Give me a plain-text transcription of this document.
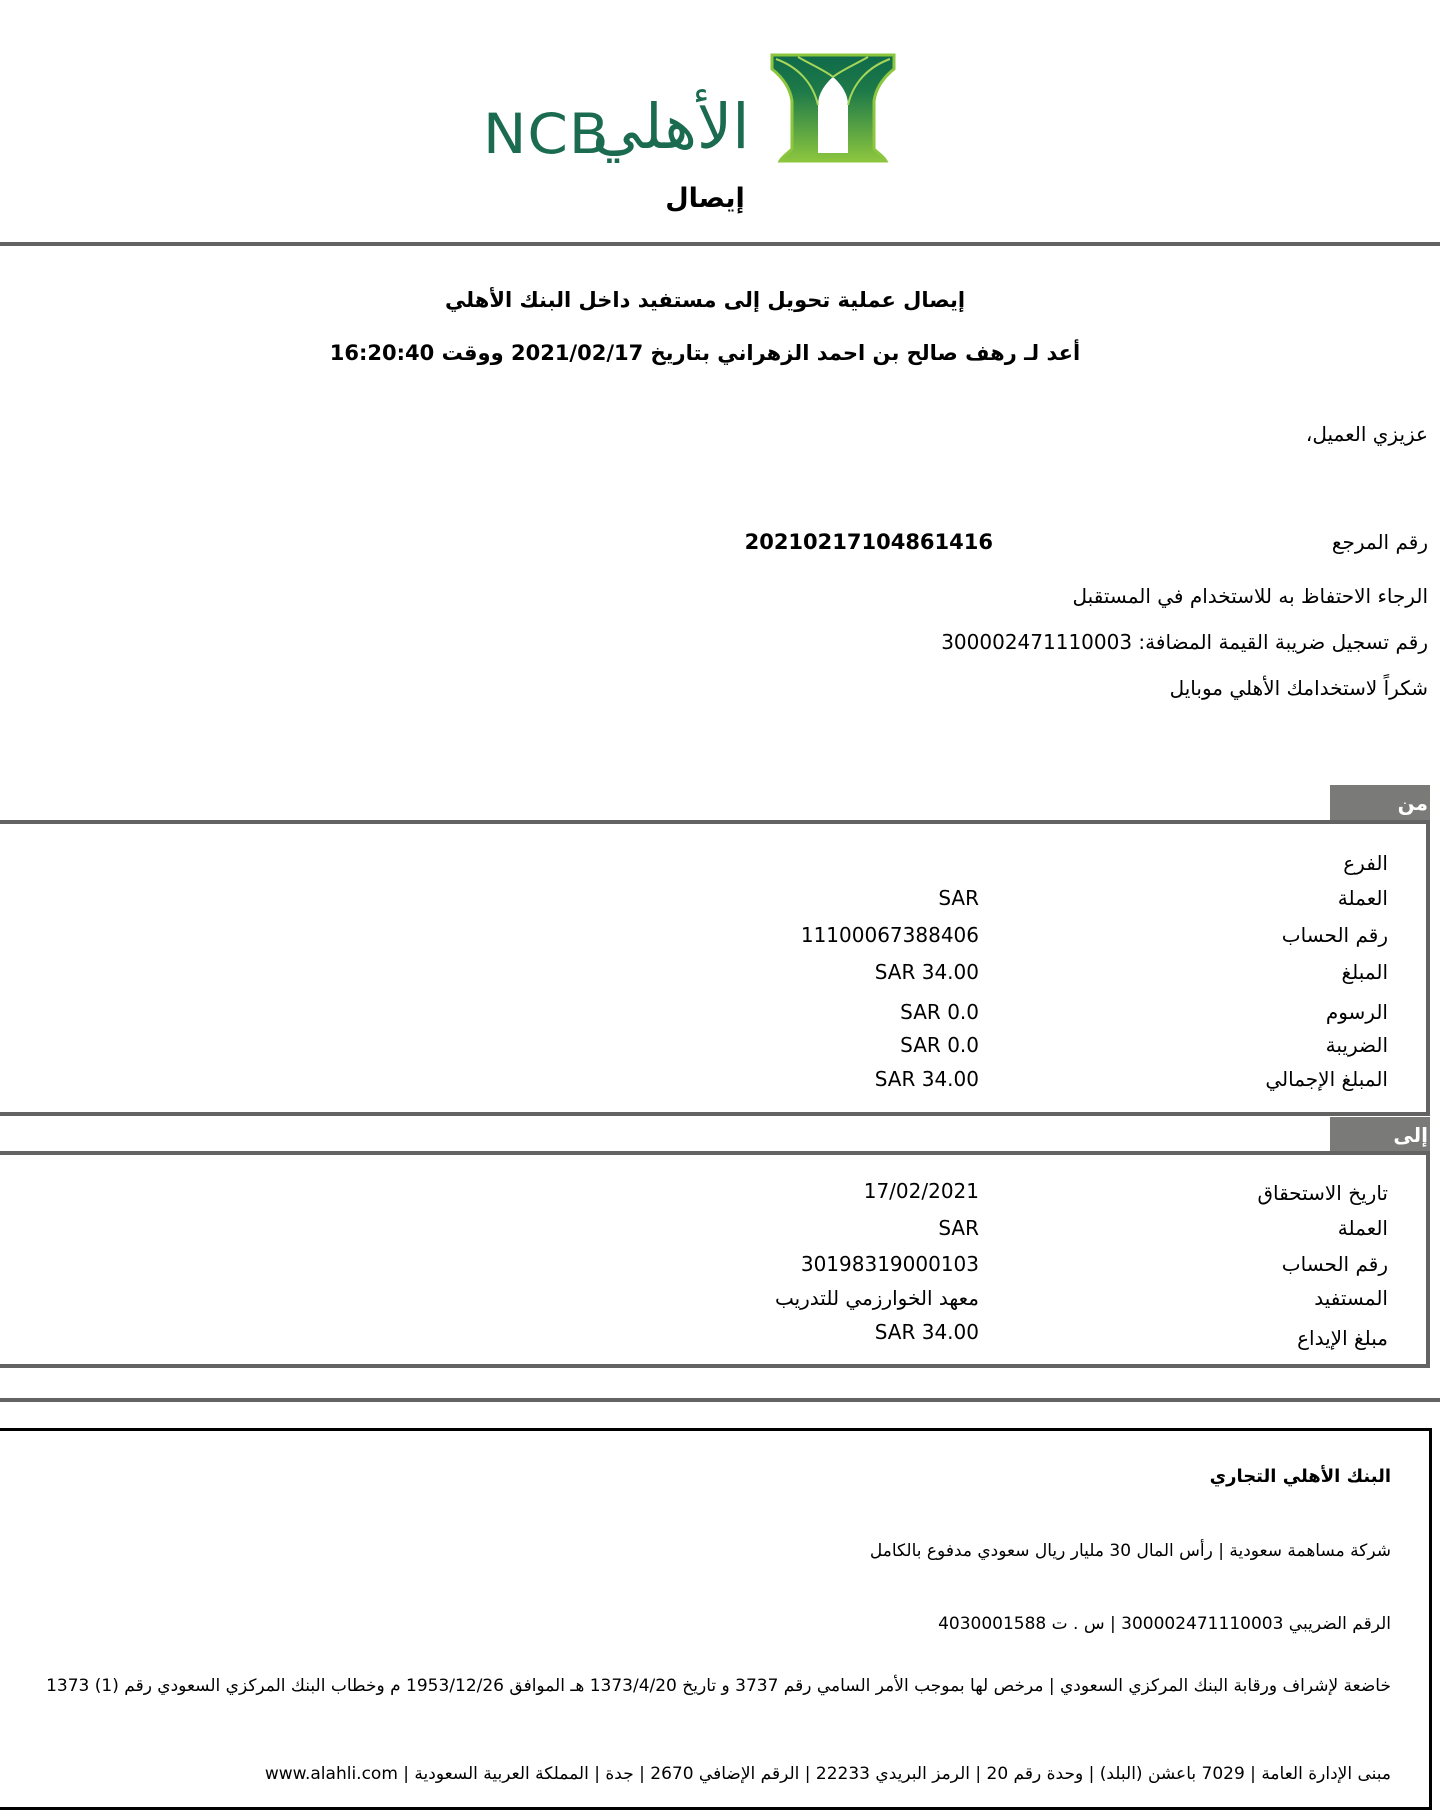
NCB
الأهلي
إيصال
إيصال عملية تحويل إلى مستفيد داخل البنك الأهلي
أعد لـ رهف صالح بن احمد الزهراني بتاريخ 2021/02/17 ووقت 16:20:40
عزيزي العميل،
رقم المرجع
20210217104861416
الرجاء الاحتفاظ به للاستخدام في المستقبل
رقم تسجيل ضريبة القيمة المضافة: 300002471110003
شكراً لاستخدامك الأهلي موبايل
من
الفرع
العملة
SAR
رقم الحساب
11100067388406
المبلغ
34.00 SAR
الرسوم
0.0 SAR
الضريبة
0.0 SAR
المبلغ الإجمالي
34.00 SAR
إلى
تاريخ الاستحقاق
17/02/2021
العملة
SAR
رقم الحساب
30198319000103
المستفيد
معهد الخوارزمي للتدريب
مبلغ الإيداع
34.00 SAR
البنك الأهلي التجاري
شركة مساهمة سعودية | رأس المال 30 مليار ريال سعودي مدفوع بالكامل
الرقم الضريبي 300002471110003 | س . ت 4030001588
خاضعة لإشراف ورقابة البنك المركزي السعودي | مرخص لها بموجب الأمر السامي رقم 3737 و تاريخ 1373/4/20 هـ الموافق 1953/12/26 م وخطاب البنك المركزي السعودي رقم (1) 1373
مبنى الإدارة العامة | 7029 باعشن (البلد) | وحدة رقم 20 | الرمز البريدي 22233 | الرقم الإضافي 2670 | جدة | المملكة العربية السعودية | www.alahli.com
